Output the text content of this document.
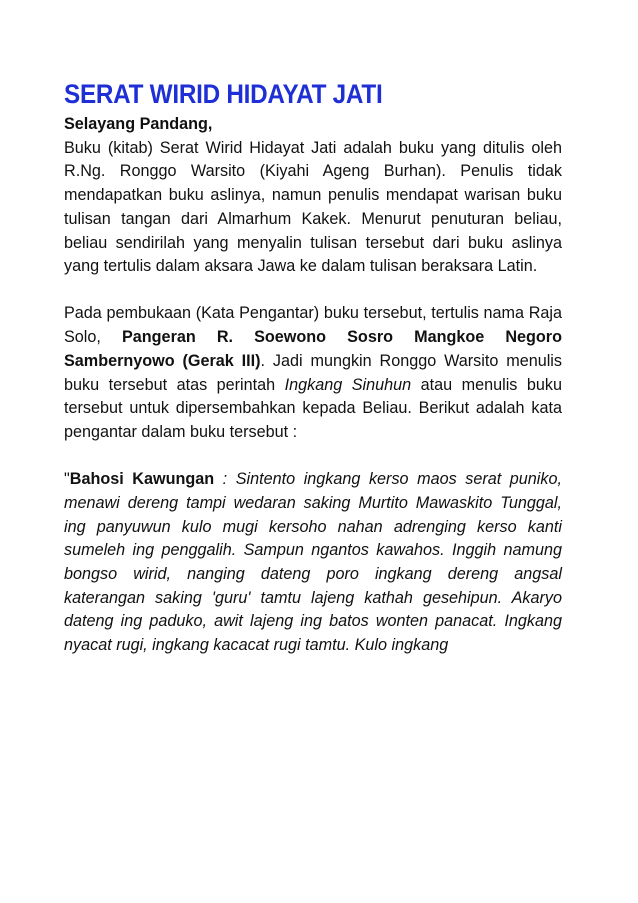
SERAT WIRID HIDAYAT JATI

Selayang Pandang,

Buku (kitab) Serat Wirid Hidayat Jati adalah buku yang ditulis oleh R.Ng. Ronggo Warsito (Kiyahi Ageng Burhan). Penulis tidak mendapatkan buku aslinya, namun penulis mendapat warisan buku tulisan tangan dari Almarhum Kakek. Menurut penuturan beliau, beliau sendirilah yang menyalin tulisan tersebut dari buku aslinya yang tertulis dalam aksara Jawa ke dalam tulisan beraksara Latin.

Pada pembukaan (Kata Pengantar) buku tersebut, tertulis nama Raja Solo, Pangeran R. Soewono Sosro Mangkoe Negoro Sambernyowo (Gerak III). Jadi mungkin Ronggo Warsito menulis buku tersebut atas perintah Ingkang Sinuhun atau menulis buku tersebut untuk dipersembahkan kepada Beliau. Berikut adalah kata pengantar dalam buku tersebut :

"Bahosi Kawungan : Sintento ingkang kerso maos serat puniko, menawi dereng tampi wedaran saking Murtito Mawaskito Tunggal, ing panyuwun kulo mugi kersoho nahan adrenging kerso kanti sumeleh ing penggalih. Sampun ngantos kawahos. Inggih namung bongso wirid, nanging dateng poro ingkang dereng angsal katerangan saking 'guru' tamtu lajeng kathah gesehipun. Akaryo dateng ing paduko, awit lajeng ing batos wonten panacat. Ingkang nyacat rugi, ingkang kacacat rugi tamtu. Kulo ingkang
